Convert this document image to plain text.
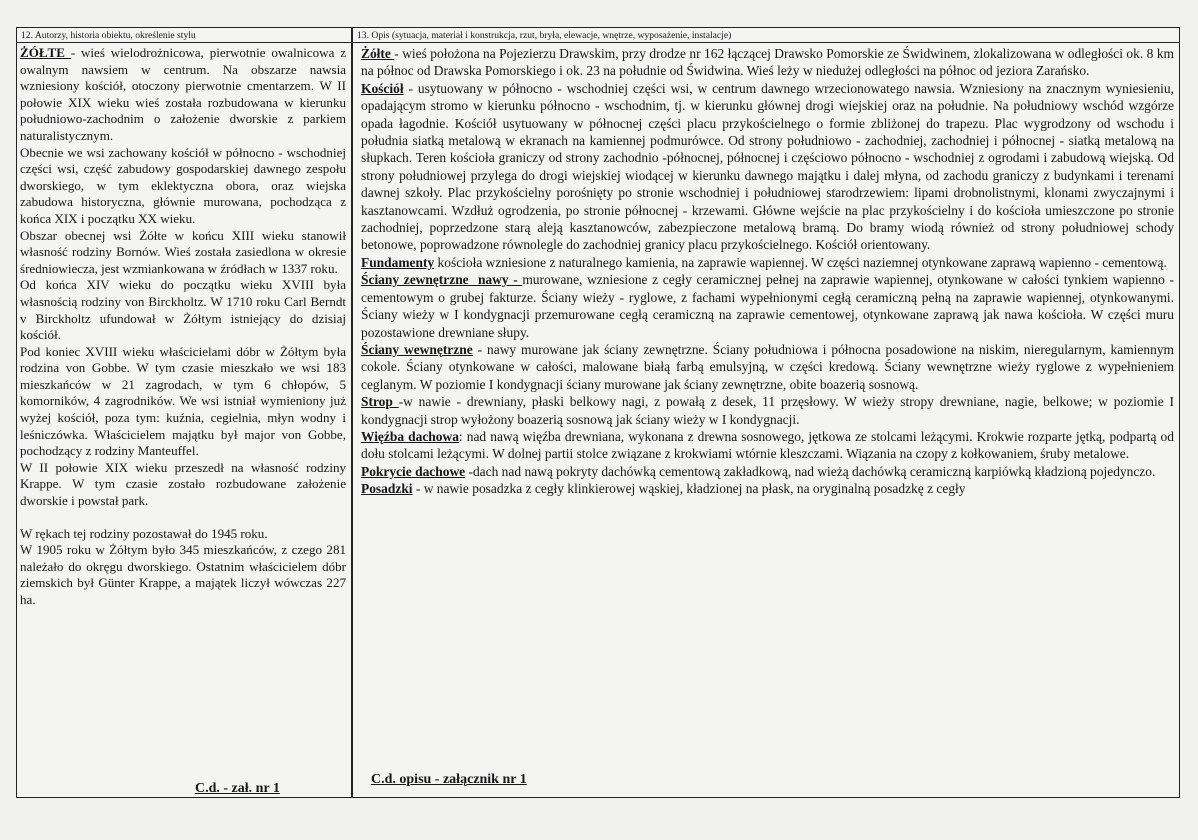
12. Autorzy, historia obiektu, określenie stylu	13. Opis (sytuacja, materiał i konstrukcja, rzut, bryła, elewacje, wnętrze, wyposażenie, instalacje)

ŻÓŁTE - wieś wielodrożnicowa, pierwotnie owalnicowa z owalnym nawsiem w centrum. Na obszarze nawsia wzniesiony kościół, otoczony pierwotnie cmentarzem. W II połowie XIX wieku wieś została rozbudowana w kierunku południowo-zachodnim o założenie dworskie z parkiem naturalistycznym.

Obecnie we wsi zachowany kościół w północno - wschodniej części wsi, część zabudowy gospodarskiej dawnego zespołu dworskiego, w tym eklektyczna obora, oraz wiejska zabudowa historyczna, głównie murowana, pochodząca z końca XIX i początku XX wieku.

Obszar obecnej wsi Żółte w końcu XIII wieku stanowił własność rodziny Bornów. Wieś została zasiedlona w okresie średniowiecza, jest wzmiankowana w źródłach w 1337 roku.

Od końca XIV wieku do początku wieku XVIII była własnością rodziny von Birckholtz. W 1710 roku Carl Berndt v Birckholtz ufundował w Żółtym istniejący do dzisiaj kościół.

Pod koniec XVIII wieku właścicielami dóbr w Żółtym była rodzina von Gobbe. W tym czasie mieszkało we wsi 183 mieszkańców w 21 zagrodach, w tym 6 chłopów, 5 komorników, 4 zagrodników. We wsi istniał wymieniony już wyżej kościół, poza tym: kuźnia, cegielnia, młyn wodny i leśniczówka. Właścicielem majątku był major von Gobbe, pochodzący z rodziny Manteuffel.

W II połowie XIX wieku przeszedł na własność rodziny Krappe. W tym czasie zostało rozbudowane założenie dworskie i powstał park.

W rękach tej rodziny pozostawał do 1945 roku.

W 1905 roku w Żółtym było 345 mieszkańców, z czego 281 należało do okręgu dworskiego. Ostatnim właścicielem dóbr ziemskich był Günter Krappe, a majątek liczył wówczas 227 ha.

C.d. - zał. nr 1

Żółte - wieś położona na Pojezierzu Drawskim, przy drodze nr 162 łączącej Drawsko Pomorskie ze Świdwinem, zlokalizowana w odległości ok. 8 km na północ od Drawska Pomorskiego i ok. 23 na południe od Świdwina. Wieś leży w niedużej odległości na północ od jeziora Zarańsko.

Kościół - usytuowany w północno - wschodniej części wsi, w centrum dawnego wrzecionowatego nawsia. Wzniesiony na znacznym wyniesieniu, opadającym stromo w kierunku północno - wschodnim, tj. w kierunku głównej drogi wiejskiej oraz na południe. Na południowy wschód wzgórze opada łagodnie. Kościół usytuowany w północnej części placu przykościelnego o formie zbliżonej do trapezu. Plac wygrodzony od wschodu i południa siatką metalową w ekranach na kamiennej podmurówce. Od strony południowo - zachodniej, zachodniej i północnej - siatką metalową na słupkach. Teren kościoła graniczy od strony zachodnio -północnej, północnej i częściowo północno - wschodniej z ogrodami i zabudową wiejską. Od strony południowej przylega do drogi wiejskiej wiodącej w kierunku dawnego majątku i dalej młyna, od zachodu graniczy z budynkami i terenami dawnej szkoły. Plac przykościelny porośnięty po stronie wschodniej i południowej starodrzewiem: lipami drobnolistnymi, klonami zwyczajnymi i kasztanowcami. Wzdłuż ogrodzenia, po stronie północnej - krzewami. Główne wejście na plac przykościelny i do kościoła umieszczone po stronie zachodniej, poprzedzone starą aleją kasztanowców, zabezpieczone metalową bramą. Do bramy wiodą również od strony południowej schody betonowe, poprowadzone równolegle do zachodniej granicy placu przykościelnego. Kościół orientowany.

Fundamenty kościoła wzniesione z naturalnego kamienia, na zaprawie wapiennej. W części naziemnej otynkowane zaprawą wapienno - cementową.

Ściany zewnętrzne  nawy - murowane, wzniesione z cegły ceramicznej pełnej na zaprawie wapiennej, otynkowane w całości tynkiem wapienno - cementowym o grubej fakturze. Ściany wieży - ryglowe, z fachami wypełnionymi cegłą ceramiczną pełną na zaprawie wapiennej, otynkowanymi. Ściany wieży w I kondygnacji przemurowane cegłą ceramiczną na zaprawie cementowej, otynkowane zaprawą jak nawa kościoła. W części muru pozostawione drewniane słupy.

Ściany wewnętrzne - nawy murowane jak ściany zewnętrzne. Ściany południowa i północna posadowione na niskim, nieregularnym, kamiennym cokole. Ściany otynkowane w całości, malowane białą farbą emulsyjną, w części kredową. Ściany wewnętrzne wieży ryglowe z wypełnieniem ceglanym. W poziomie I kondygnacji ściany murowane jak ściany zewnętrzne, obite boazerią sosnową.

Strop -w nawie - drewniany, płaski belkowy nagi, z powałą z desek, 11 przęsłowy. W wieży stropy drewniane, nagie, belkowe; w poziomie I kondygnacji strop wyłożony boazerią sosnową jak ściany wieży w I kondygnacji.

Więźba dachowa: nad nawą więźba drewniana, wykonana z drewna sosnowego, jętkowa ze stolcami leżącymi. Krokwie rozparte jętką, podpartą od dołu stolcami leżącymi. W dolnej partii stolce związane z krokwiami wtórnie kleszczami. Wiązania na czopy z kołkowaniem, śruby metalowe.

Pokrycie dachowe -dach nad nawą pokryty dachówką cementową zakładkową, nad wieżą dachówką ceramiczną karpiówką kładzioną pojedynczo.

Posadzki - w nawie posadzka z cegły klinkierowej wąskiej, kładzionej na płask, na oryginalną posadzkę z cegły

C.d. opisu - załącznik nr 1
